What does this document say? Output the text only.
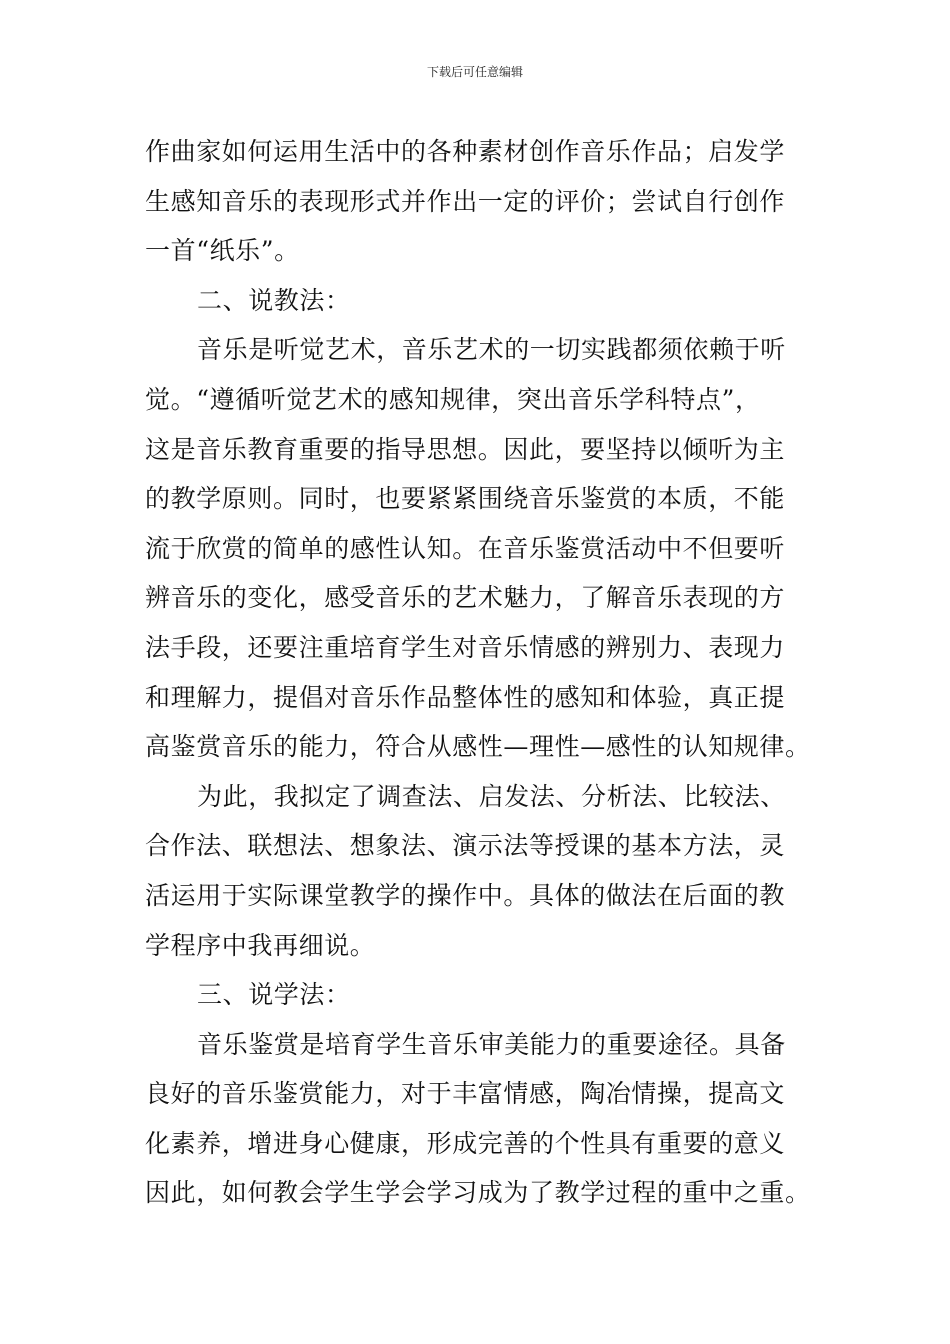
下载后可任意编辑
作曲家如何运用生活中的各种素材创作音乐作品；启发学
生感知音乐的表现形式并作出一定的评价；尝试自行创作
一首“纸乐”。
二、说教法：
音乐是听觉艺术，音乐艺术的一切实践都须依赖于听
觉。“遵循听觉艺术的感知规律，突出音乐学科特点”，
这是音乐教育重要的指导思想。因此，要坚持以倾听为主
的教学原则。同时，也要紧紧围绕音乐鉴赏的本质，不能
流于欣赏的简单的感性认知。在音乐鉴赏活动中不但要听
辨音乐的变化，感受音乐的艺术魅力，了解音乐表现的方
法手段，还要注重培育学生对音乐情感的辨别力、表现力
和理解力，提倡对音乐作品整体性的感知和体验，真正提
高鉴赏音乐的能力，符合从感性—理性—感性的认知规律。
为此，我拟定了调查法、启发法、分析法、比较法、
合作法、联想法、想象法、演示法等授课的基本方法，灵
活运用于实际课堂教学的操作中。具体的做法在后面的教
学程序中我再细说。
三、说学法：
音乐鉴赏是培育学生音乐审美能力的重要途径。具备
良好的音乐鉴赏能力，对于丰富情感，陶冶情操，提高文
化素养，增进身心健康，形成完善的个性具有重要的意义
因此，如何教会学生学会学习成为了教学过程的重中之重。
